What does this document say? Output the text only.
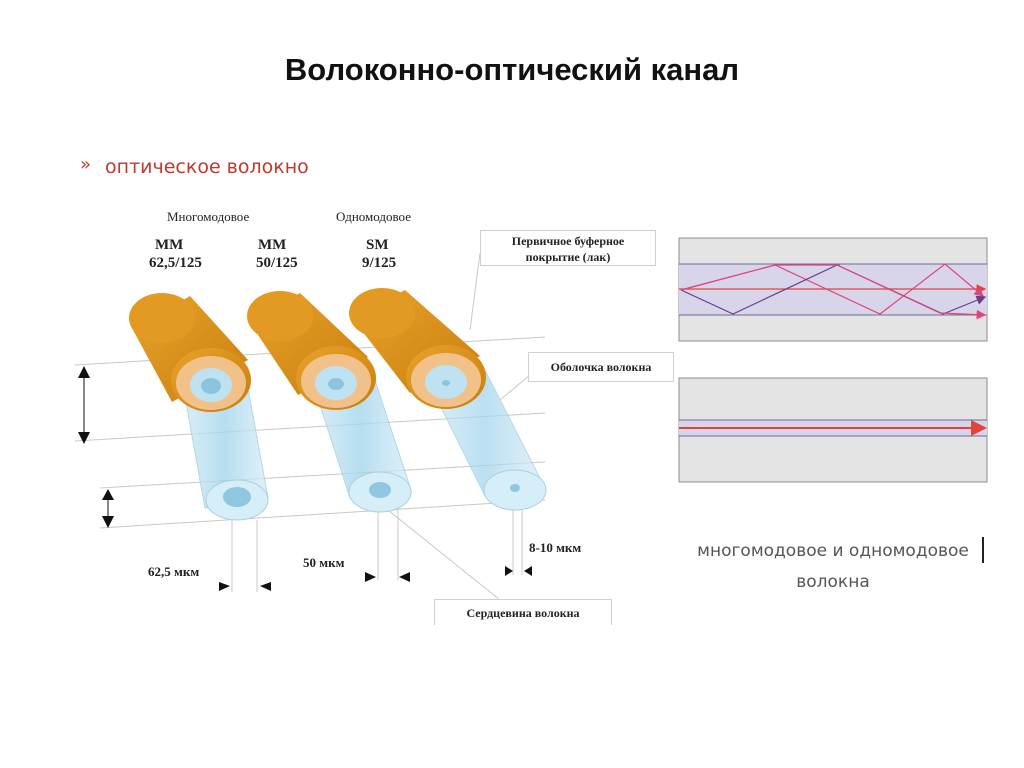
Волоконно-оптический канал
» оптическое волокно
Многомодовое	Одномодовое
MM
62,5/125
MM
50/125
SM
9/125
62,5 мкм
50 мкм
8-10 мкм
Первичное буферное
покрытие (лак)
Оболочка волокна
Сердцевина волокна
многомодовое и одномодовое
волокна
